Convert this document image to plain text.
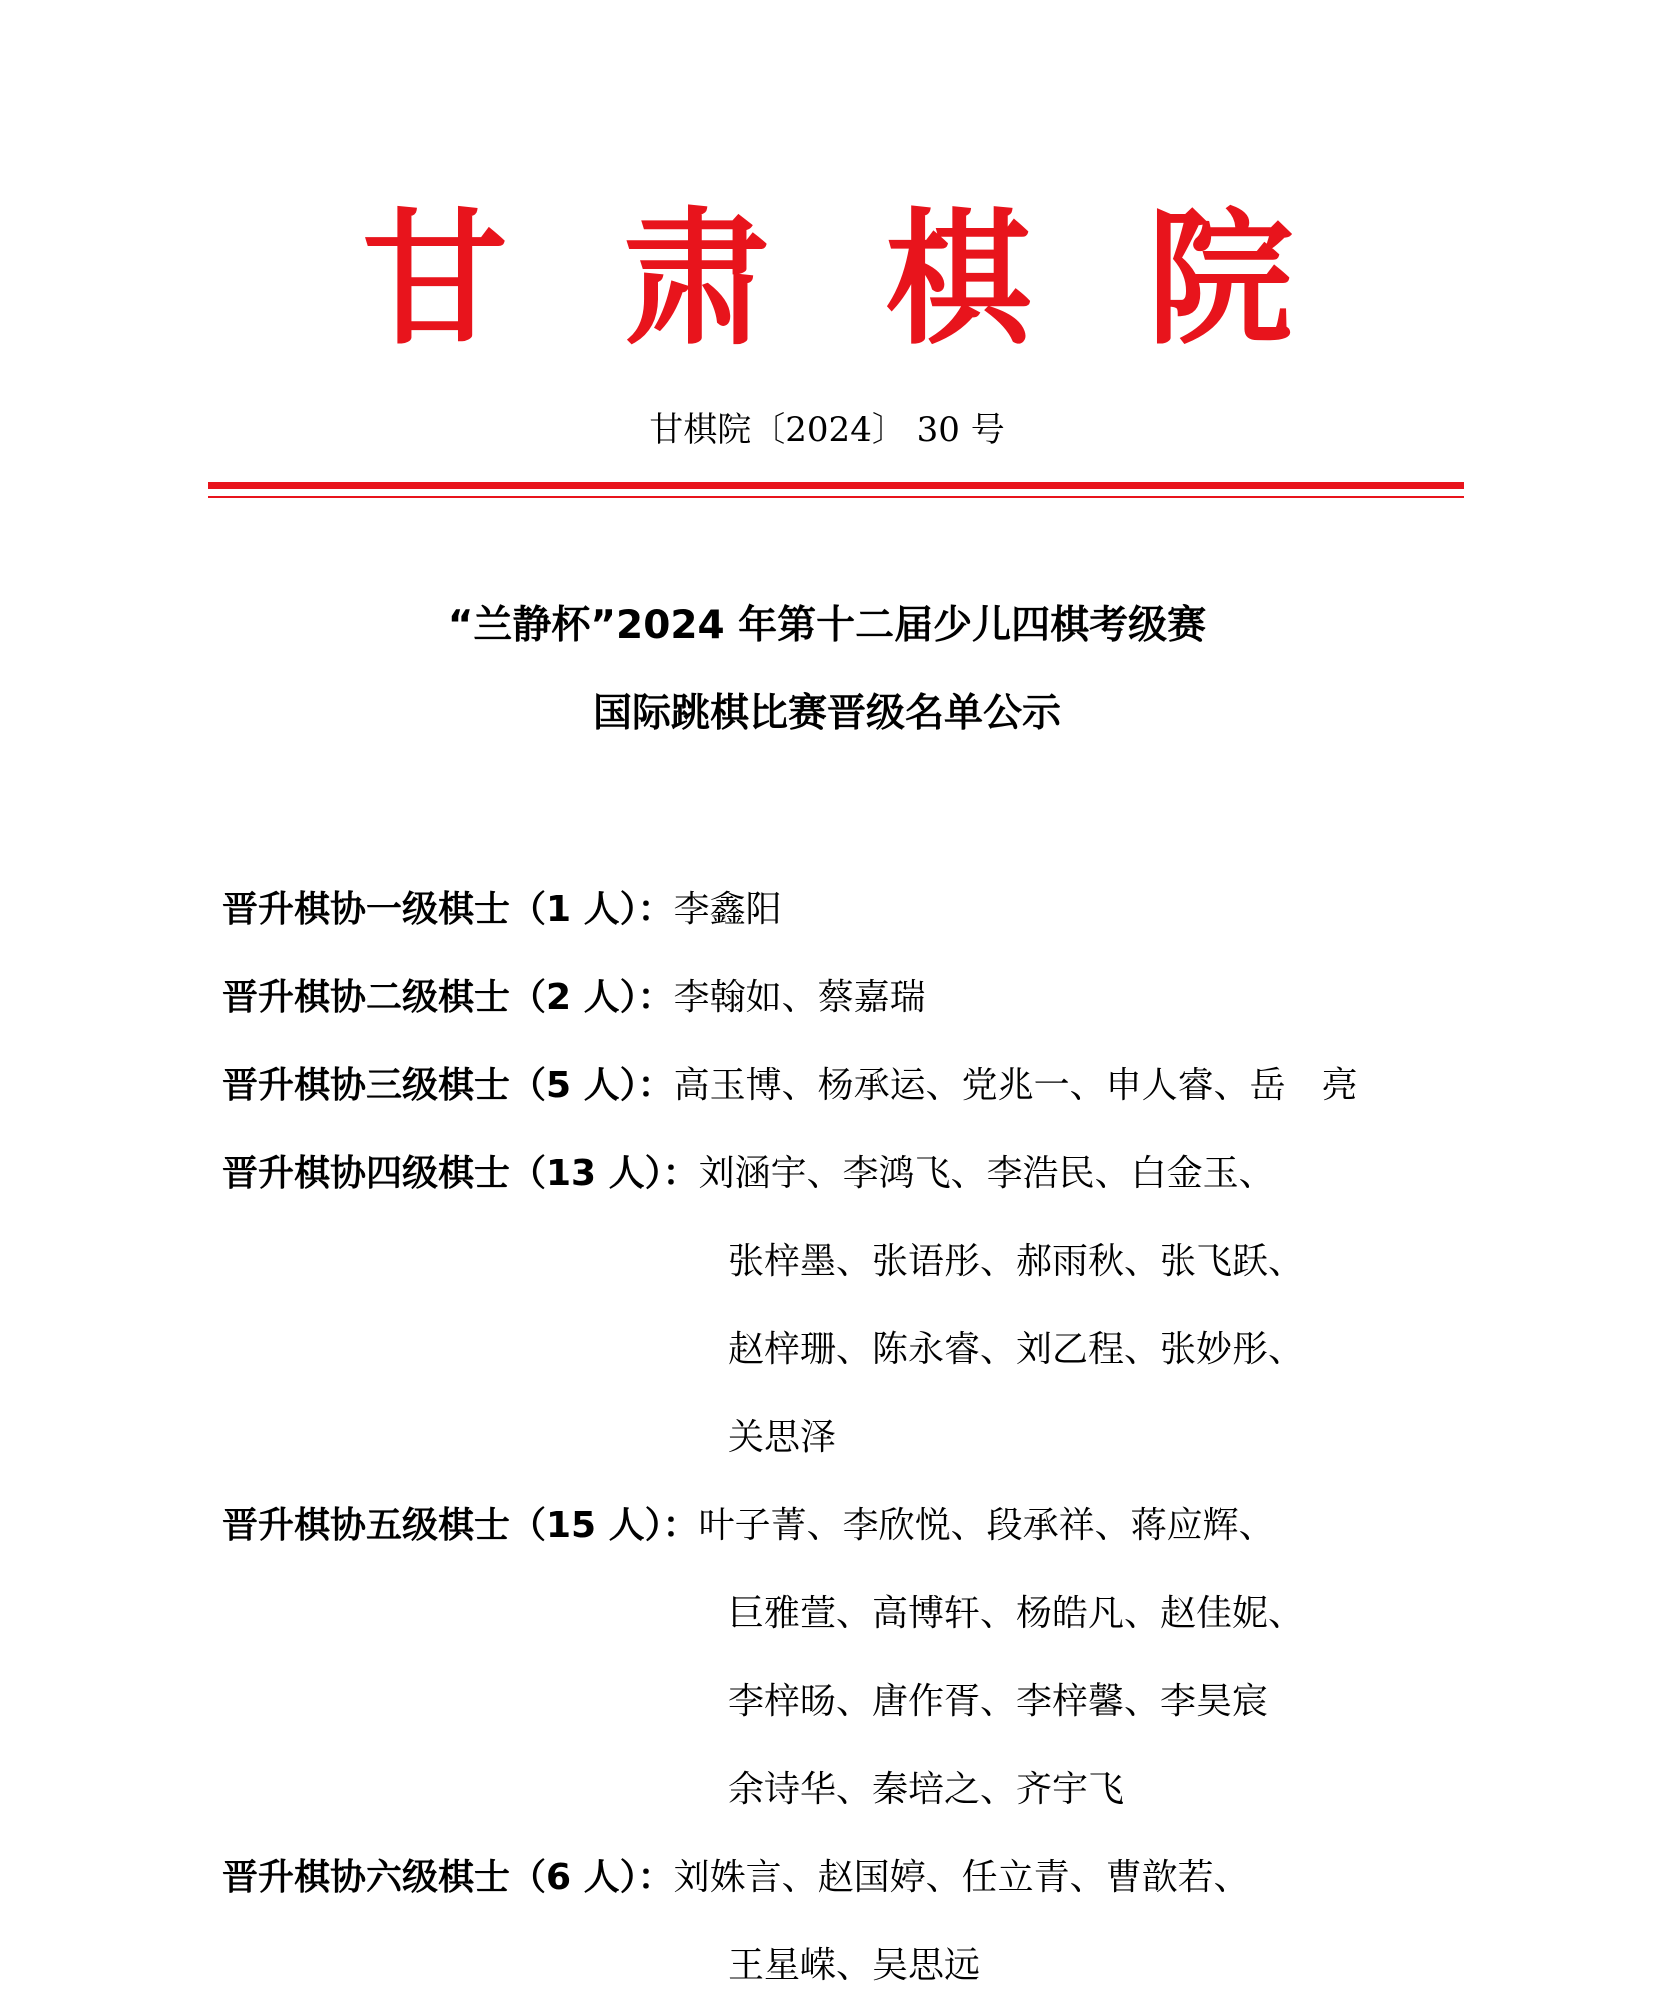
甘 肃 棋 院
甘棋院〔2024〕 30 号
“兰静杯”2024 年第十二届少儿四棋考级赛
国际跳棋比赛晋级名单公示
晋升棋协一级棋士（1 人）： 李鑫阳
晋升棋协二级棋士（2 人）： 李翰如、蔡嘉瑞
晋升棋协三级棋士（5 人）： 高玉博、杨承运、党兆一、申人睿、岳　亮
晋升棋协四级棋士（13 人）： 刘涵宇、李鸿飞、李浩民、白金玉、
张梓墨、张语彤、郝雨秋、张飞跃、
赵梓珊、陈永睿、刘乙程、张妙彤、
关思泽
晋升棋协五级棋士（15 人）： 叶子菁、李欣悦、段承祥、蒋应辉、
巨雅萱、高博轩、杨皓凡、赵佳妮、
李梓旸、唐作胥、李梓馨、李昊宸
余诗华、秦培之、齐宇飞
晋升棋协六级棋士（6 人）： 刘姝言、赵国婷、任立青、曹歆若、
王星嵘、吴思远
